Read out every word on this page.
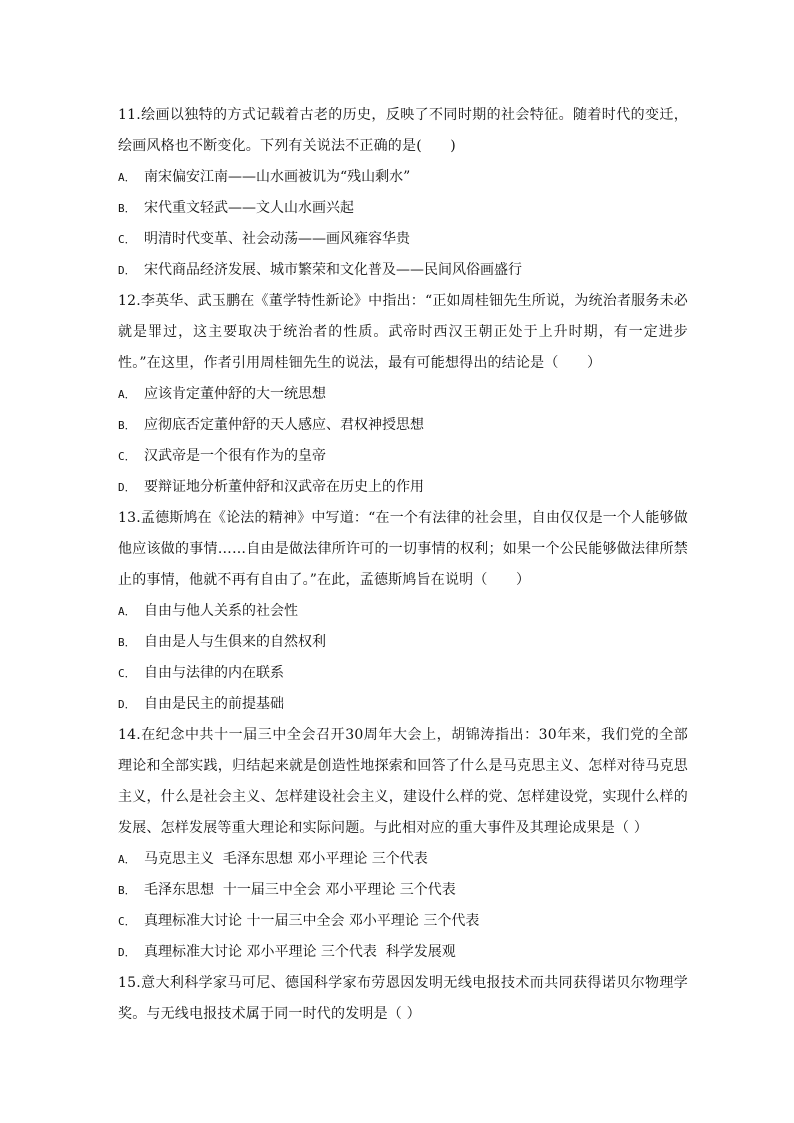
11.绘画以独特的方式记载着古老的历史，反映了不同时期的社会特征。随着时代的变迁，绘画风格也不断变化。下列有关说法不正确的是(　　)

A． 南宋偏安江南——山水画被讥为“残山剩水”

B． 宋代重文轻武——文人山水画兴起

C． 明清时代变革、社会动荡——画风雍容华贵

D． 宋代商品经济发展、城市繁荣和文化普及——民间风俗画盛行

12.李英华、武玉鹏在《董学特性新论》中指出：“正如周桂钿先生所说，为统治者服务未必就是罪过，这主要取决于统治者的性质。武帝时西汉王朝正处于上升时期，有一定进步性。”在这里，作者引用周桂钿先生的说法，最有可能想得出的结论是（　　）

A． 应该肯定董仲舒的大一统思想

B． 应彻底否定董仲舒的天人感应、君权神授思想

C． 汉武帝是一个很有作为的皇帝

D． 要辩证地分析董仲舒和汉武帝在历史上的作用

13.孟德斯鸠在《论法的精神》中写道：“在一个有法律的社会里，自由仅仅是一个人能够做他应该做的事情……自由是做法律所许可的一切事情的权利；如果一个公民能够做法律所禁止的事情，他就不再有自由了。”在此，孟德斯鸠旨在说明（　　）

A． 自由与他人关系的社会性

B． 自由是人与生俱来的自然权利

C． 自由与法律的内在联系

D． 自由是民主的前提基础

14.在纪念中共十一届三中全会召开30周年大会上，胡锦涛指出：30年来，我们党的全部理论和全部实践，归结起来就是创造性地探索和回答了什么是马克思主义、怎样对待马克思主义，什么是社会主义、怎样建设社会主义，建设什么样的党、怎样建设党，实现什么样的发展、怎样发展等重大理论和实际问题。与此相对应的重大事件及其理论成果是（ ）

A． 马克思主义  毛泽东思想 邓小平理论 三个代表

B． 毛泽东思想  十一届三中全会 邓小平理论 三个代表

C． 真理标准大讨论 十一届三中全会 邓小平理论 三个代表

D． 真理标准大讨论 邓小平理论 三个代表  科学发展观

15.意大利科学家马可尼、德国科学家布劳恩因发明无线电报技术而共同获得诺贝尔物理学奖。与无线电报技术属于同一时代的发明是（ ）
